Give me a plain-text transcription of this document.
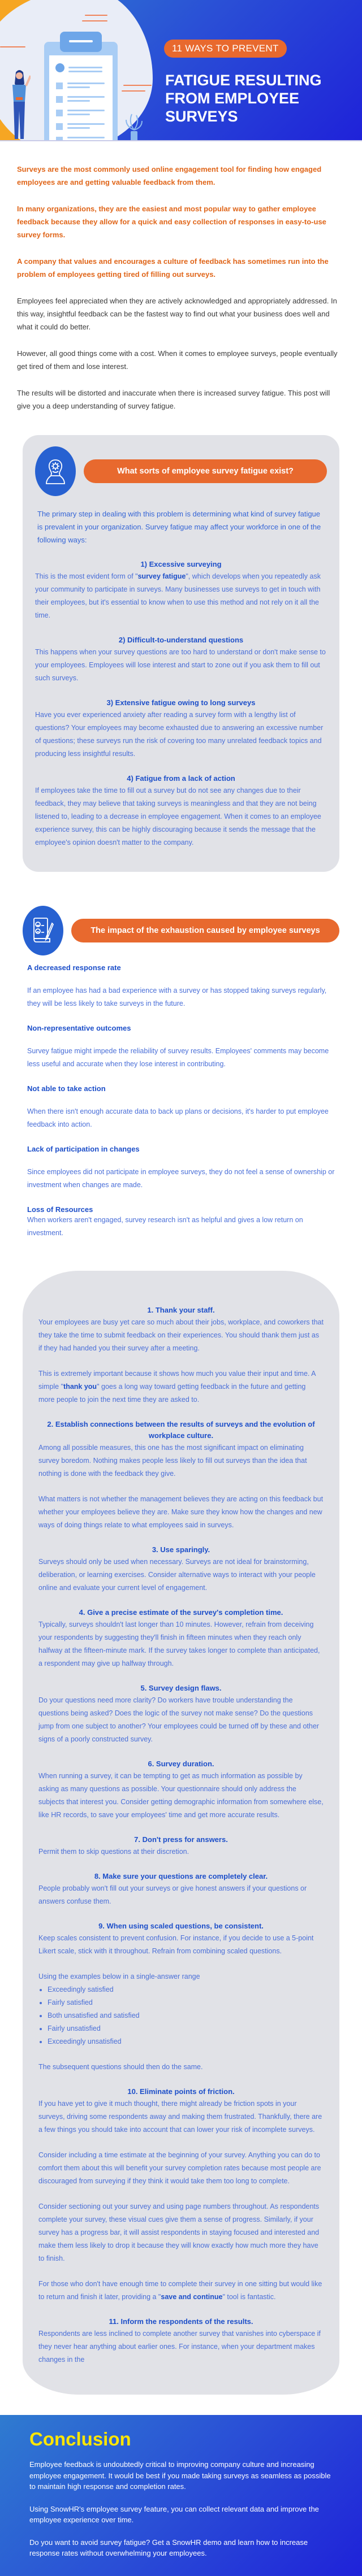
11 WAYS TO PREVENT
FATIGUE RESULTING FROM EMPLOYEE SURVEYS

Surveys are the most commonly used online engagement tool for finding how engaged employees are and getting valuable feedback from them.

In many organizations, they are the easiest and most popular way to gather employee feedback because they allow for a quick and easy collection of responses in easy-to-use survey forms.

A company that values and encourages a culture of feedback has sometimes run into the problem of employees getting tired of filling out surveys.

Employees feel appreciated when they are actively acknowledged and appropriately addressed. In this way, insightful feedback can be the fastest way to find out what your business does well and what it could do better.

However, all good things come with a cost. When it comes to employee surveys, people eventually get tired of them and lose interest.

The results will be distorted and inaccurate when there is increased survey fatigue. This post will give you a deep understanding of survey fatigue.

What sorts of employee survey fatigue exist?

The primary step in dealing with this problem is determining what kind of survey fatigue is prevalent in your organization. Survey fatigue may affect your workforce in one of the following ways:

1) Excessive surveying

This is the most evident form of "survey fatigue", which develops when you repeatedly ask your community to participate in surveys. Many businesses use surveys to get in touch with their employees, but it's essential to know when to use this method and not rely on it all the time.

2) Difficult-to-understand questions

This happens when your survey questions are too hard to understand or don't make sense to your employees. Employees will lose interest and start to zone out if you ask them to fill out such surveys.

3) Extensive fatigue owing to long surveys

Have you ever experienced anxiety after reading a survey form with a lengthy list of questions? Your employees may become exhausted due to answering an excessive number of questions; these surveys run the risk of covering too many unrelated feedback topics and producing less insightful results.

4) Fatigue from a lack of action

If employees take the time to fill out a survey but do not see any changes due to their feedback, they may believe that taking surveys is meaningless and that they are not being listened to, leading to a decrease in employee engagement. When it comes to an employee experience survey, this can be highly discouraging because it sends the message that the employee's opinion doesn't matter to the company.

The impact of the exhaustion caused by employee surveys
A decreased response rate

If an employee has had a bad experience with a survey or has stopped taking surveys regularly, they will be less likely to take surveys in the future.

Non-representative outcomes

Survey fatigue might impede the reliability of survey results. Employees' comments may become less useful and accurate when they lose interest in contributing.

Not able to take action

When there isn't enough accurate data to back up plans or decisions, it's harder to put employee feedback into action.

Lack of participation in changes

Since employees did not participate in employee surveys, they do not feel a sense of ownership or investment when changes are made.

Loss of Resources

When workers aren't engaged, survey research isn't as helpful and gives a low return on investment.

1. Thank your staff.

Your employees are busy yet care so much about their jobs, workplace, and coworkers that they take the time to submit feedback on their experiences. You should thank them just as if they had handed you their survey after a meeting.

This is extremely important because it shows how much you value their input and time. A simple "thank you" goes a long way toward getting feedback in the future and getting more people to join the next time they are asked to.

2. Establish connections between the results of surveys and the evolution of workplace culture.

Among all possible measures, this one has the most significant impact on eliminating survey boredom. Nothing makes people less likely to fill out surveys than the idea that nothing is done with the feedback they give.

What matters is not whether the management believes they are acting on this feedback but whether your employees believe they are. Make sure they know how the changes and new ways of doing things relate to what employees said in surveys.

3. Use sparingly.

Surveys should only be used when necessary. Surveys are not ideal for brainstorming, deliberation, or learning exercises. Consider alternative ways to interact with your people online and evaluate your current level of engagement.

4. Give a precise estimate of the survey's completion time.

Typically, surveys shouldn't last longer than 10 minutes. However, refrain from deceiving your respondents by suggesting they'll finish in fifteen minutes when they reach only halfway at the fifteen-minute mark. If the survey takes longer to complete than anticipated, a respondent may give up halfway through.

5. Survey design flaws.

Do your questions need more clarity? Do workers have trouble understanding the questions being asked? Does the logic of the survey not make sense? Do the questions jump from one subject to another? Your employees could be turned off by these and other signs of a poorly constructed survey.

6. Survey duration.

When running a survey, it can be tempting to get as much information as possible by asking as many questions as possible. Your questionnaire should only address the subjects that interest you. Consider getting demographic information from somewhere else, like HR records, to save your employees' time and get more accurate results.

7. Don't press for answers.

Permit them to skip questions at their discretion.

8. Make sure your questions are completely clear.

People probably won't fill out your surveys or give honest answers if your questions or answers confuse them.

9. When using scaled questions, be consistent.

Keep scales consistent to prevent confusion. For instance, if you decide to use a 5-point Likert scale, stick with it throughout. Refrain from combining scaled questions.

Using the examples below in a single-answer range

• Exceedingly satisfied
• Fairly satisfied
• Both unsatisfied and satisfied
• Fairly unsatisfied
• Exceedingly unsatisfied

The subsequent questions should then do the same.

10. Eliminate points of friction.

If you have yet to give it much thought, there might already be friction spots in your surveys, driving some respondents away and making them frustrated. Thankfully, there are a few things you should take into account that can lower your risk of incomplete surveys.

Consider including a time estimate at the beginning of your survey. Anything you can do to comfort them about this will benefit your survey completion rates because most people are discouraged from surveying if they think it would take them too long to complete.

Consider sectioning out your survey and using page numbers throughout. As respondents complete your survey, these visual cues give them a sense of progress. Similarly, if your survey has a progress bar, it will assist respondents in staying focused and interested and make them less likely to drop it because they will know exactly how much more they have to finish.

For those who don't have enough time to complete their survey in one sitting but would like to return and finish it later, providing a "save and continue" tool is fantastic.

11. Inform the respondents of the results.

Respondents are less inclined to complete another survey that vanishes into cyberspace if they never hear anything about earlier ones. For instance, when your department makes changes in the

Conclusion

Employee feedback is undoubtedly critical to improving company culture and increasing employee engagement. It would be best if you made taking surveys as seamless as possible to maintain high response and completion rates.

Using SnowHR's employee survey feature, you can collect relevant data and improve the employee experience over time.

Do you want to avoid survey fatigue? Get a SnowHR demo and learn how to increase response rates without overwhelming your employees.
